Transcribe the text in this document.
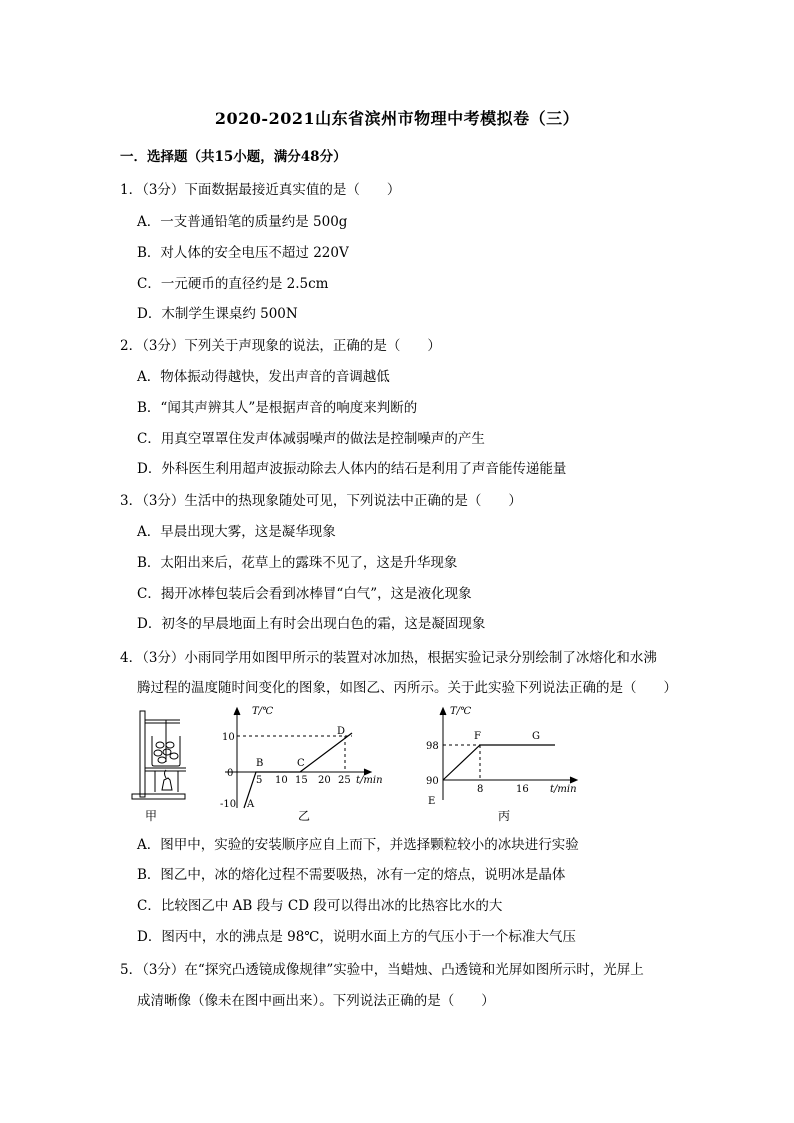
2020-2021山东省滨州市物理中考模拟卷（三）
一．选择题（共15小题，满分48分）
1．（3分）下面数据最接近真实值的是（　　）
A．一支普通铅笔的质量约是 500g
B．对人体的安全电压不超过 220V
C．一元硬币的直径约是 2.5cm
D．木制学生课桌约 500N
2．（3分）下列关于声现象的说法，正确的是（　　）
A．物体振动得越快，发出声音的音调越低
B．“闻其声辨其人”是根据声音的响度来判断的
C．用真空罩罩住发声体减弱噪声的做法是控制噪声的产生
D．外科医生利用超声波振动除去人体内的结石是利用了声音能传递能量
3．（3分）生活中的热现象随处可见，下列说法中正确的是（　　）
A．早晨出现大雾，这是凝华现象
B．太阳出来后，花草上的露珠不见了，这是升华现象
C．揭开冰棒包装后会看到冰棒冒“白气”，这是液化现象
D．初冬的早晨地面上有时会出现白色的霜，这是凝固现象
4．（3分）小雨同学用如图甲所示的装置对冰加热，根据实验记录分别绘制了冰熔化和水沸
腾过程的温度随时间变化的图象，如图乙、丙所示。关于此实验下列说法正确的是（　　）
甲
T/℃
10
0
-10
5 10 15 20 25 t/min
A
B	C
D
乙
T/℃
98
90
8	16 t/min
E
F	G
丙
A．图甲中，实验的安装顺序应自上而下，并选择颗粒较小的冰块进行实验
B．图乙中，冰的熔化过程不需要吸热，冰有一定的熔点，说明冰是晶体
C．比较图乙中 AB 段与 CD 段可以得出冰的比热容比水的大
D．图丙中，水的沸点是 98℃，说明水面上方的气压小于一个标准大气压
5．（3分）在“探究凸透镜成像规律”实验中，当蜡烛、凸透镜和光屏如图所示时，光屏上
成清晰像（像未在图中画出来）。下列说法正确的是（　　）
